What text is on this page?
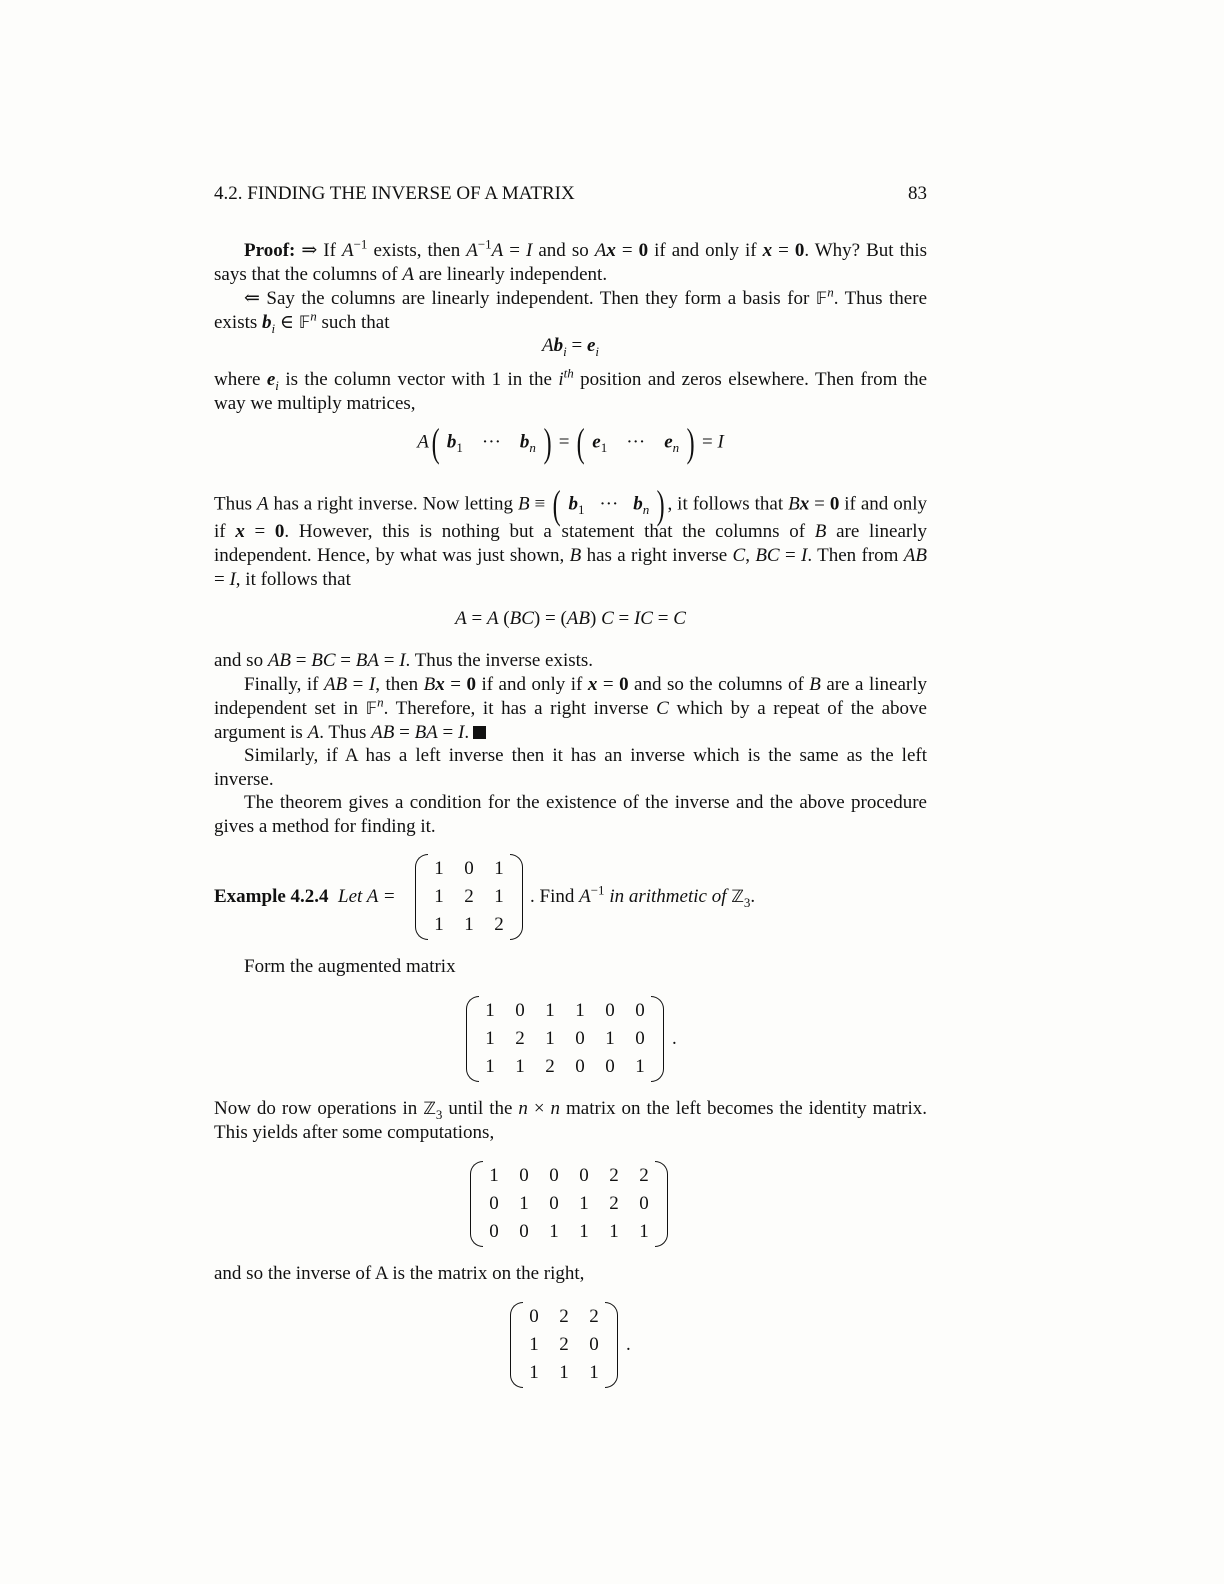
4.2. FINDING THE INVERSE OF A MATRIX	83
Proof: ⇒ If $A^{-1}$ exists, then $A^{-1}A = I$ and so Ax = 0 if and only if x = 0. Why? But this says that the columns of A are linearly independent.
⇐ Say the columns are linearly independent. Then they form a basis for 𝔽$^n$. Thus there exists $b_i$ ∈ 𝔽$^n$ such that
$Ab_i = e_i$
where $e_i$ is the column vector with 1 in the $i^{th}$ position and zeros elsewhere. Then from the way we multiply matrices,
A( $b_1$    ···    $b_n$ ) = ( $e_1$    ···    $e_n$ ) = I
Thus A has a right inverse. Now letting B ≡ ( $b_1$   ···   $b_n$ ) , it follows that Bx = 0 if and only if x = 0. However, this is nothing but a statement that the columns of B are linearly independent. Hence, by what was just shown, B has a right inverse C, BC = I. Then from AB = I, it follows that
A = A (BC) = (AB) C = IC = C
and so AB = BC = BA = I. Thus the inverse exists.
Finally, if AB = I, then Bx = 0 if and only if x = 0 and so the columns of B are a linearly independent set in 𝔽$^n$. Therefore, it has a right inverse C which by a repeat of the above argument is A. Thus AB = BA = I.
Similarly, if A has a left inverse then it has an inverse which is the same as the left inverse.
The theorem gives a condition for the existence of the inverse and the above procedure gives a method for finding it.
Example 4.2.4 Let A =
1 0 1
1 2 1
1 1 2
. Find $A^{-1}$ in arithmetic of ℤ$_3$.
Form the augmented matrix
1 0 1 1 0 0
1 2 1 0 1 0
1 1 2 0 0 1
.
Now do row operations in ℤ$_3$ until the n × n matrix on the left becomes the identity matrix. This yields after some computations,
1 0 0 0 2 2
0 1 0 1 2 0
0 0 1 1 1 1
and so the inverse of A is the matrix on the right,
0 2 2
1 2 0
1 1 1
.
